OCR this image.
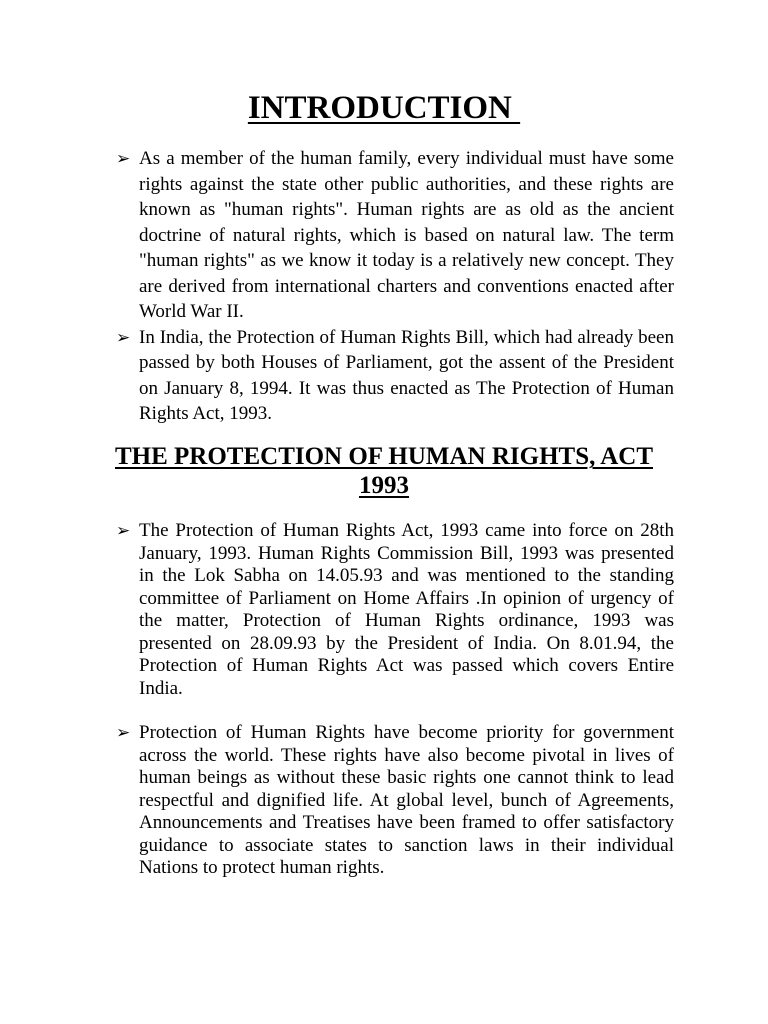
INTRODUCTION
➢ As a member of the human family, every individual must have some rights against the state other public authorities, and these rights are known as "human rights". Human rights are as old as the ancient doctrine of natural rights, which is based on natural law. The term "human rights" as we know it today is a relatively new concept. They are derived from international charters and conventions enacted after World War II.
➢ In India, the Protection of Human Rights Bill, which had already been passed by both Houses of Parliament, got the assent of the President on January 8, 1994. It was thus enacted as The Protection of Human Rights Act, 1993.
THE PROTECTION OF HUMAN RIGHTS, ACT 1993
➢ The Protection of Human Rights Act, 1993 came into force on 28th January, 1993. Human Rights Commission Bill, 1993 was presented in the Lok Sabha on 14.05.93 and was mentioned to the standing committee of Parliament on Home Affairs .In opinion of urgency of the matter, Protection of Human Rights ordinance, 1993 was presented on 28.09.93 by the President of India. On 8.01.94, the Protection of Human Rights Act was passed which covers Entire India.
➢ Protection of Human Rights have become priority for government across the world. These rights have also become pivotal in lives of human beings as without these basic rights one cannot think to lead respectful and dignified life. At global level, bunch of Agreements, Announcements and Treatises have been framed to offer satisfactory guidance to associate states to sanction laws in their individual Nations to protect human rights.
